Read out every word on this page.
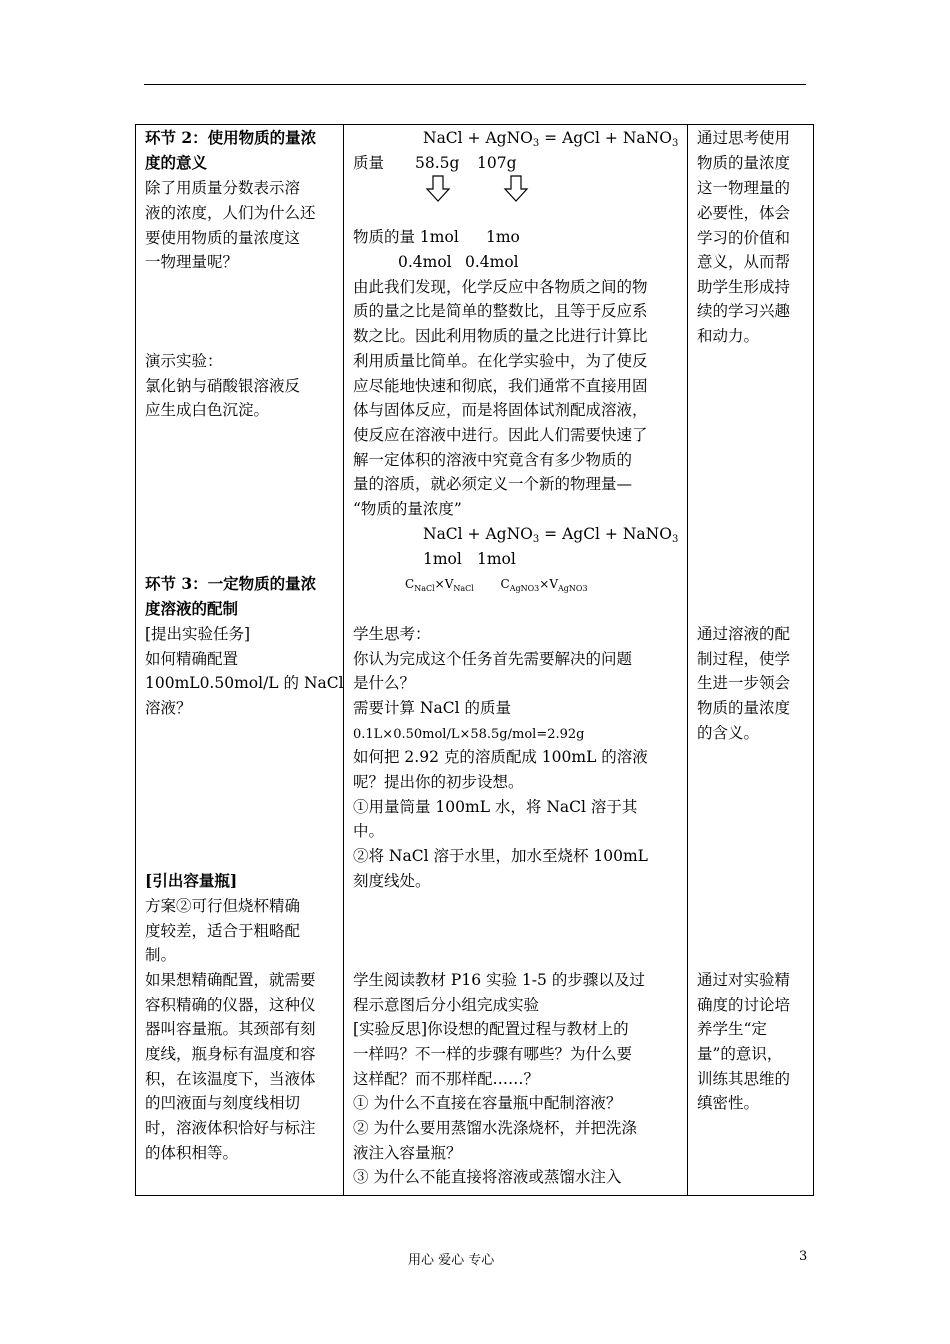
环节 2：使用物质的量浓
度的意义
除了用质量分数表示溶
液的浓度，人们为什么还
要使用物质的量浓度这
一物理量呢？
演示实验：
氯化钠与硝酸银溶液反
应生成白色沉淀。
环节 3：一定物质的量浓
度溶液的配制
[提出实验任务]
如何精确配置
100mL0.50mol/L 的 NaCl
溶液？
[引出容量瓶]
方案②可行但烧杯精确
度较差，适合于粗略配
制。
如果想精确配置，就需要
容积精确的仪器，这种仪
器叫容量瓶。其颈部有刻
度线，瓶身标有温度和容
积，在该温度下，当液体
的凹液面与刻度线相切
时，溶液体积恰好与标注
的体积相等。
NaCl + AgNO$_3$ = AgCl + NaNO$_3$
质量 58.5g 107g
物质的量 1mol 1mo
0.4mol 0.4mol
由此我们发现，化学反应中各物质之间的物
质的量之比是简单的整数比，且等于反应系
数之比。因此利用物质的量之比进行计算比
利用质量比简单。在化学实验中，为了使反
应尽能地快速和彻底，我们通常不直接用固
体与固体反应，而是将固体试剂配成溶液，
使反应在溶液中进行。因此人们需要快速了
解一定体积的溶液中究竟含有多少物质的
量的溶质，就必须定义一个新的物理量—
“物质的量浓度”
NaCl + AgNO$_3$ = AgCl + NaNO$_3$
1mol 1mol
$C_{NaCl}\times V_{NaCl}$ $C_{AgNO3}\times V_{AgNO3}$
学生思考：
你认为完成这个任务首先需要解决的问题
是什么？
需要计算 NaCl 的质量
0.1L×0.50mol/L×58.5g/mol=2.92g
如何把 2.92 克的溶质配成 100mL 的溶液
呢？提出你的初步设想。
①用量筒量 100mL 水，将 NaCl 溶于其
中。
②将 NaCl 溶于水里，加水至烧杯 100mL
刻度线处。
学生阅读教材 P16 实验 1-5 的步骤以及过
程示意图后分小组完成实验
[实验反思]你设想的配置过程与教材上的
一样吗？不一样的步骤有哪些？为什么要
这样配？而不那样配……？
① 为什么不直接在容量瓶中配制溶液？
② 为什么要用蒸馏水洗涤烧杯，并把洗涤
液注入容量瓶？
③ 为什么不能直接将溶液或蒸馏水注入
通过思考使用
物质的量浓度
这一物理量的
必要性，体会
学习的价值和
意义，从而帮
助学生形成持
续的学习兴趣
和动力。
通过溶液的配
制过程，使学
生进一步领会
物质的量浓度
的含义。
通过对实验精
确度的讨论培
养学生“定
量”的意识，
训练其思维的
缜密性。
用心 爱心 专心	3
